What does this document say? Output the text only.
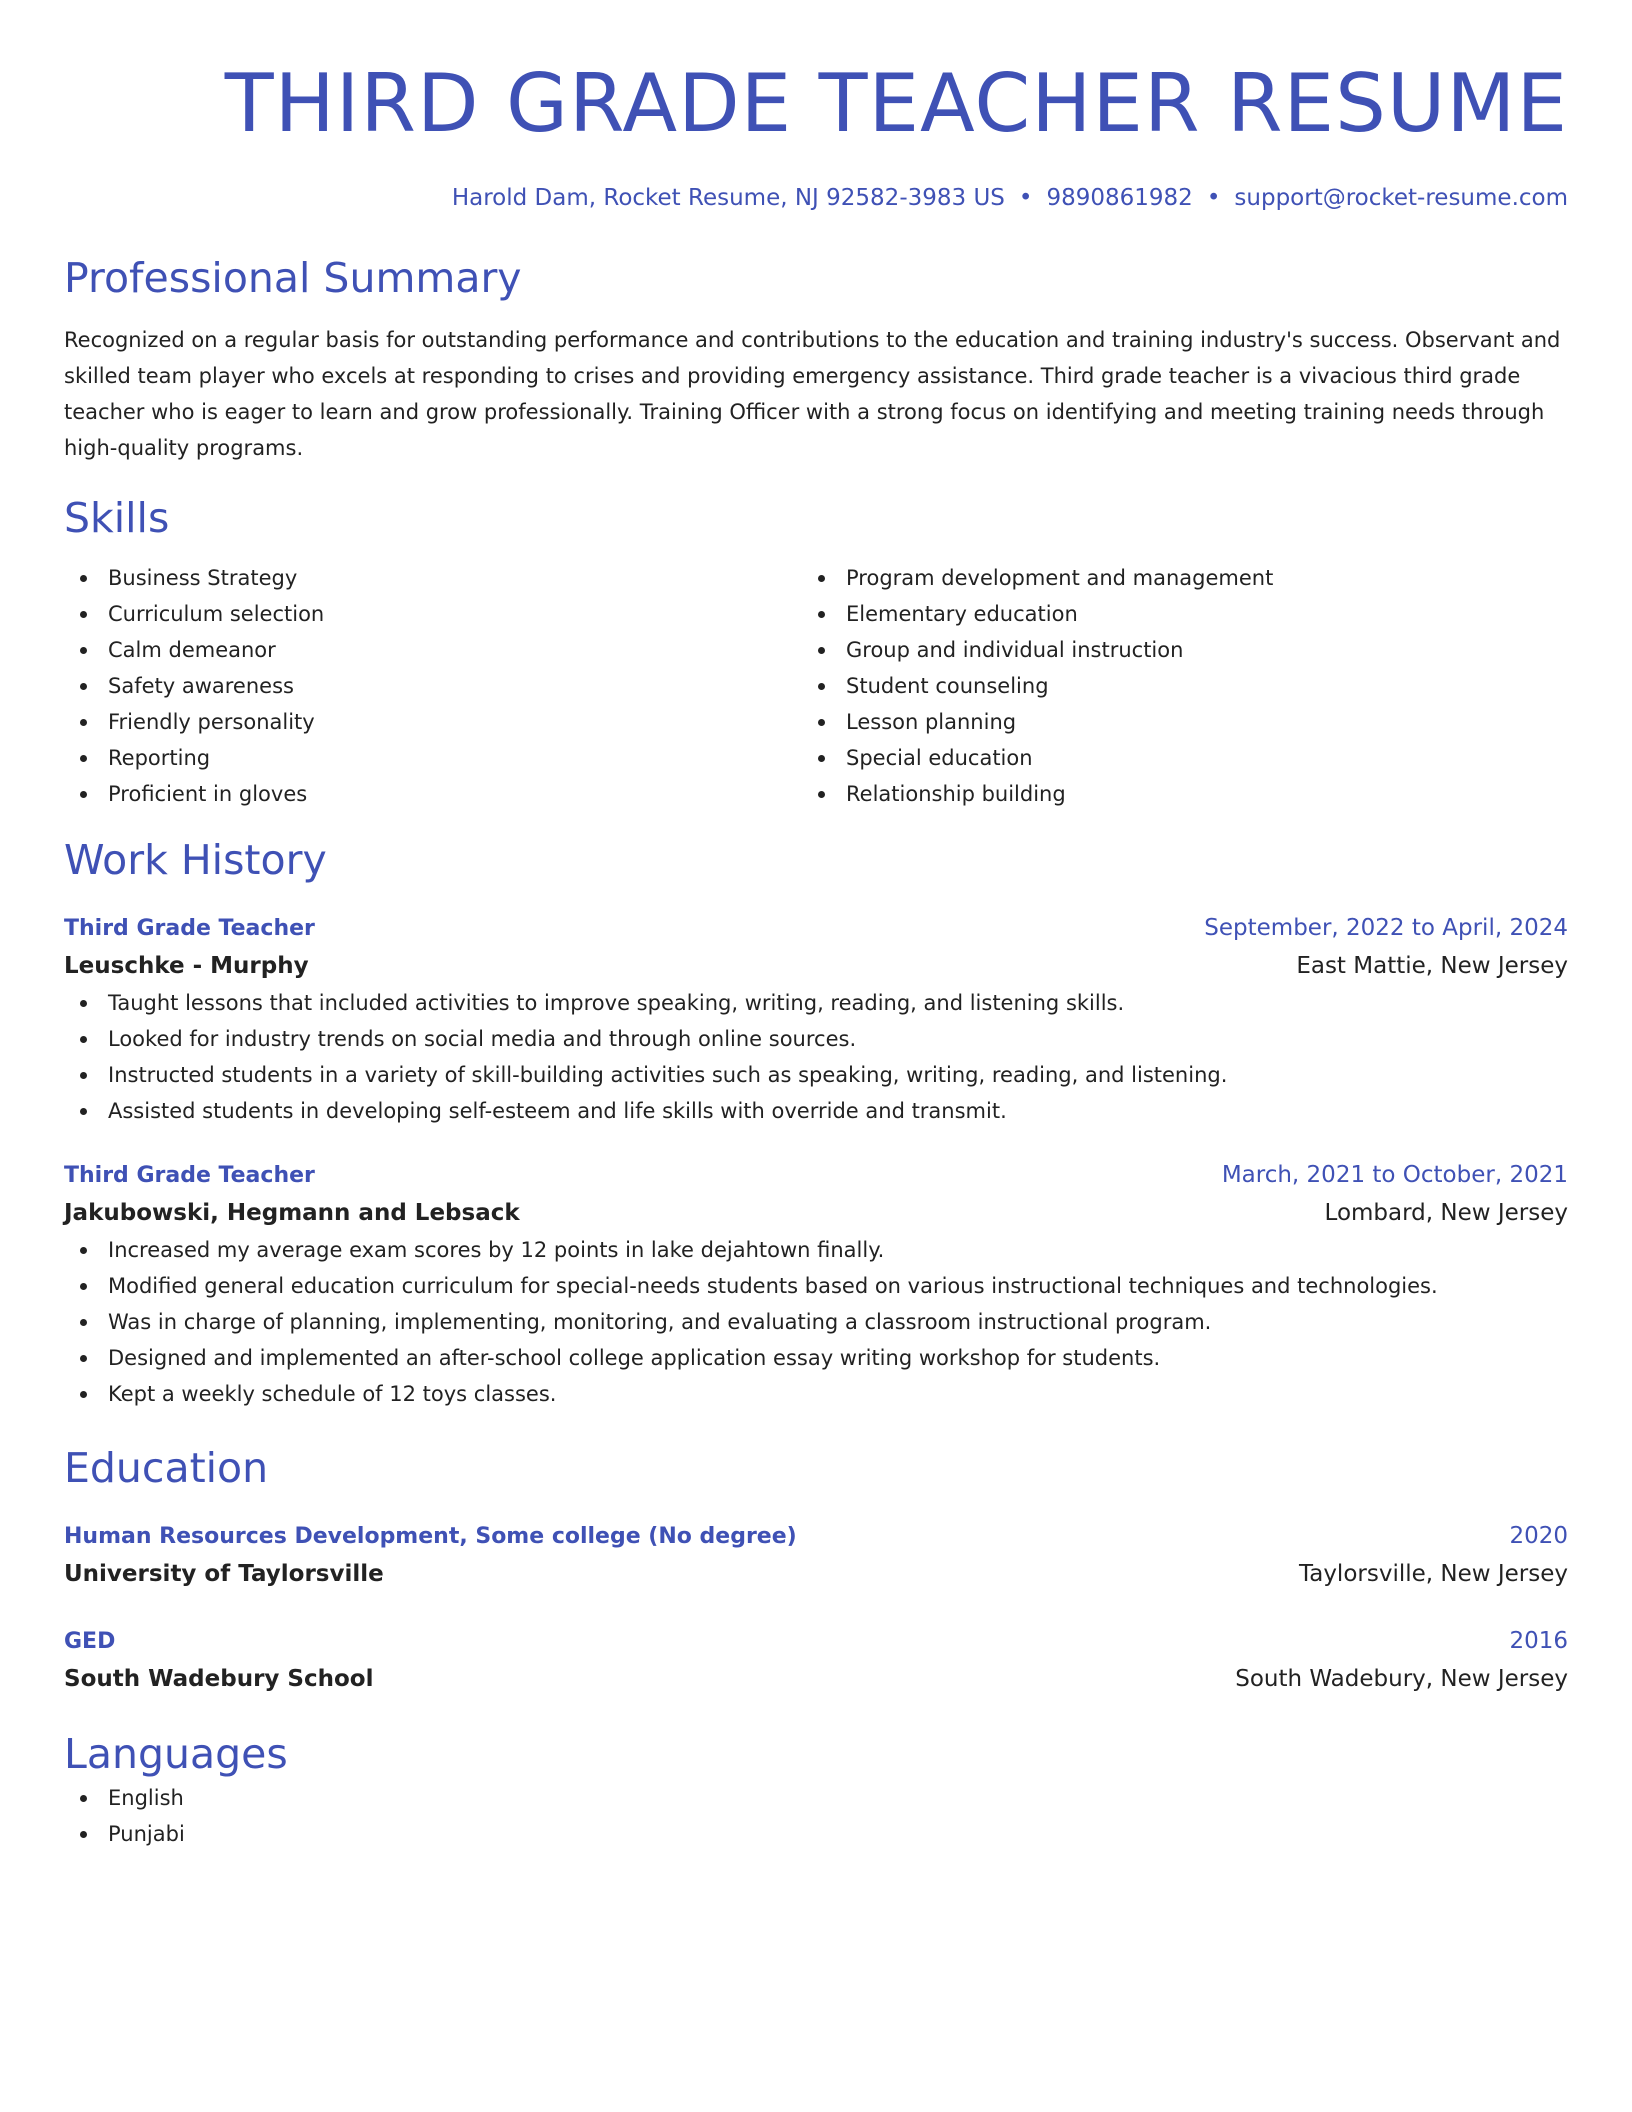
THIRD GRADE TEACHER RESUME
Harold Dam, Rocket Resume, NJ 92582-3983 US • 9890861982 • support@rocket-resume.com
Professional Summary
Recognized on a regular basis for outstanding performance and contributions to the education and training industry's success. Observant and skilled team player who excels at responding to crises and providing emergency assistance. Third grade teacher is a vivacious third grade teacher who is eager to learn and grow professionally. Training Officer with a strong focus on identifying and meeting training needs through high-quality programs.
Skills
Business Strategy
Curriculum selection
Calm demeanor
Safety awareness
Friendly personality
Reporting
Proficient in gloves
Program development and management
Elementary education
Group and individual instruction
Student counseling
Lesson planning
Special education
Relationship building
Work History
Third Grade Teacher	September, 2022 to April, 2024
Leuschke - Murphy	East Mattie, New Jersey
Taught lessons that included activities to improve speaking, writing, reading, and listening skills.
Looked for industry trends on social media and through online sources.
Instructed students in a variety of skill-building activities such as speaking, writing, reading, and listening.
Assisted students in developing self-esteem and life skills with override and transmit.
Third Grade Teacher	March, 2021 to October, 2021
Jakubowski, Hegmann and Lebsack	Lombard, New Jersey
Increased my average exam scores by 12 points in lake dejahtown finally.
Modified general education curriculum for special-needs students based on various instructional techniques and technologies.
Was in charge of planning, implementing, monitoring, and evaluating a classroom instructional program.
Designed and implemented an after-school college application essay writing workshop for students.
Kept a weekly schedule of 12 toys classes.
Education
Human Resources Development, Some college (No degree)	2020
University of Taylorsville	Taylorsville, New Jersey
GED	2016
South Wadebury School	South Wadebury, New Jersey
Languages
English
Punjabi
